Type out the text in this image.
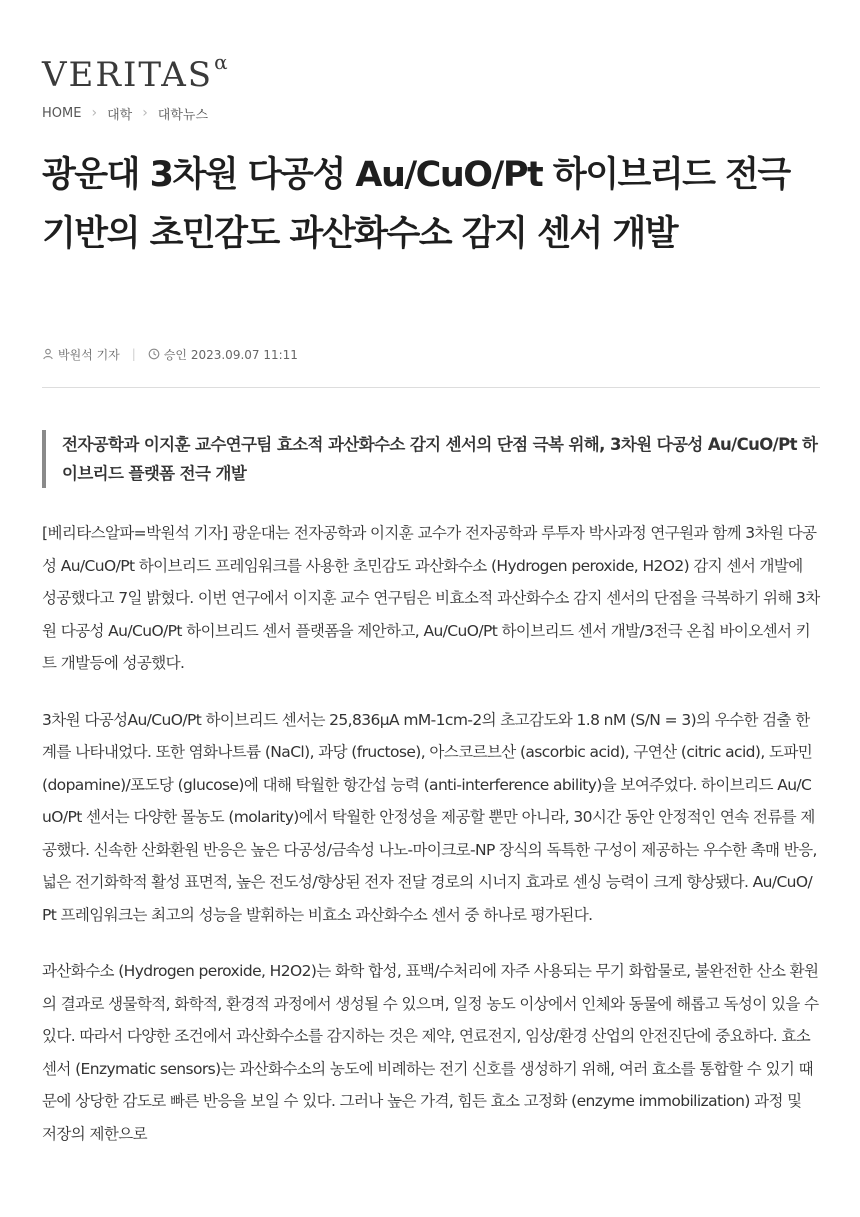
VERITAS α
HOME › 대학 › 대학뉴스
광운대 3차원 다공성 Au/CuO/Pt 하이브리드 전극 기반의 초민감도 과산화수소 감지 센서 개발
박원석 기자 | 승인 2023.09.07 11:11
전자공학과 이지훈 교수연구팀 효소적 과산화수소 감지 센서의 단점 극복 위해, 3차원 다공성 Au/CuO/Pt 하이브리드 플랫폼 전극 개발

[베리타스알파=박원석 기자] 광운대는 전자공학과 이지훈 교수가 전자공학과 루투자 박사과정 연구원과 함께 3차원 다공성 Au/CuO/Pt 하이브리드 프레임워크를 사용한 초민감도 과산화수소 (Hydrogen peroxide, H2O2) 감지 센서 개발에 성공했다고 7일 밝혔다. 이번 연구에서 이지훈 교수 연구팀은 비효소적 과산화수소 감지 센서의 단점을 극복하기 위해 3차원 다공성 Au/CuO/Pt 하이브리드 센서 플랫폼을 제안하고, Au/CuO/Pt 하이브리드 센서 개발/3전극 온칩 바이오센서 키트 개발등에 성공했다.

3차원 다공성Au/CuO/Pt 하이브리드 센서는 25,836μA mM-1cm-2의 초고감도와 1.8 nM (S/N = 3)의 우수한 검출 한계를 나타내었다. 또한 염화나트륨 (NaCl), 과당 (fructose), 아스코르브산 (ascorbic acid), 구연산 (citric acid), 도파민 (dopamine)/포도당 (glucose)에 대해 탁월한 항간섭 능력 (anti-interference ability)을 보여주었다. 하이브리드 Au/CuO/Pt 센서는 다양한 몰농도 (molarity)에서 탁월한 안정성을 제공할 뿐만 아니라, 30시간 동안 안정적인 연속 전류를 제공했다. 신속한 산화환원 반응은 높은 다공성/금속성 나노-마이크로-NP 장식의 독특한 구성이 제공하는 우수한 촉매 반응, 넓은 전기화학적 활성 표면적, 높은 전도성/향상된 전자 전달 경로의 시너지 효과로 센싱 능력이 크게 향상됐다. Au/CuO/Pt 프레임워크는 최고의 성능을 발휘하는 비효소 과산화수소 센서 중 하나로 평가된다.

과산화수소 (Hydrogen peroxide, H2O2)는 화학 합성, 표백/수처리에 자주 사용되는 무기 화합물로, 불완전한 산소 환원의 결과로 생물학적, 화학적, 환경적 과정에서 생성될 수 있으며, 일정 농도 이상에서 인체와 동물에 해롭고 독성이 있을 수 있다. 따라서 다양한 조건에서 과산화수소를 감지하는 것은 제약, 연료전지, 임상/환경 산업의 안전진단에 중요하다. 효소 센서 (Enzymatic sensors)는 과산화수소의 농도에 비례하는 전기 신호를 생성하기 위해, 여러 효소를 통합할 수 있기 때문에 상당한 감도로 빠른 반응을 보일 수 있다. 그러나 높은 가격, 힘든 효소 고정화 (enzyme immobilization) 과정 및 저장의 제한으로
